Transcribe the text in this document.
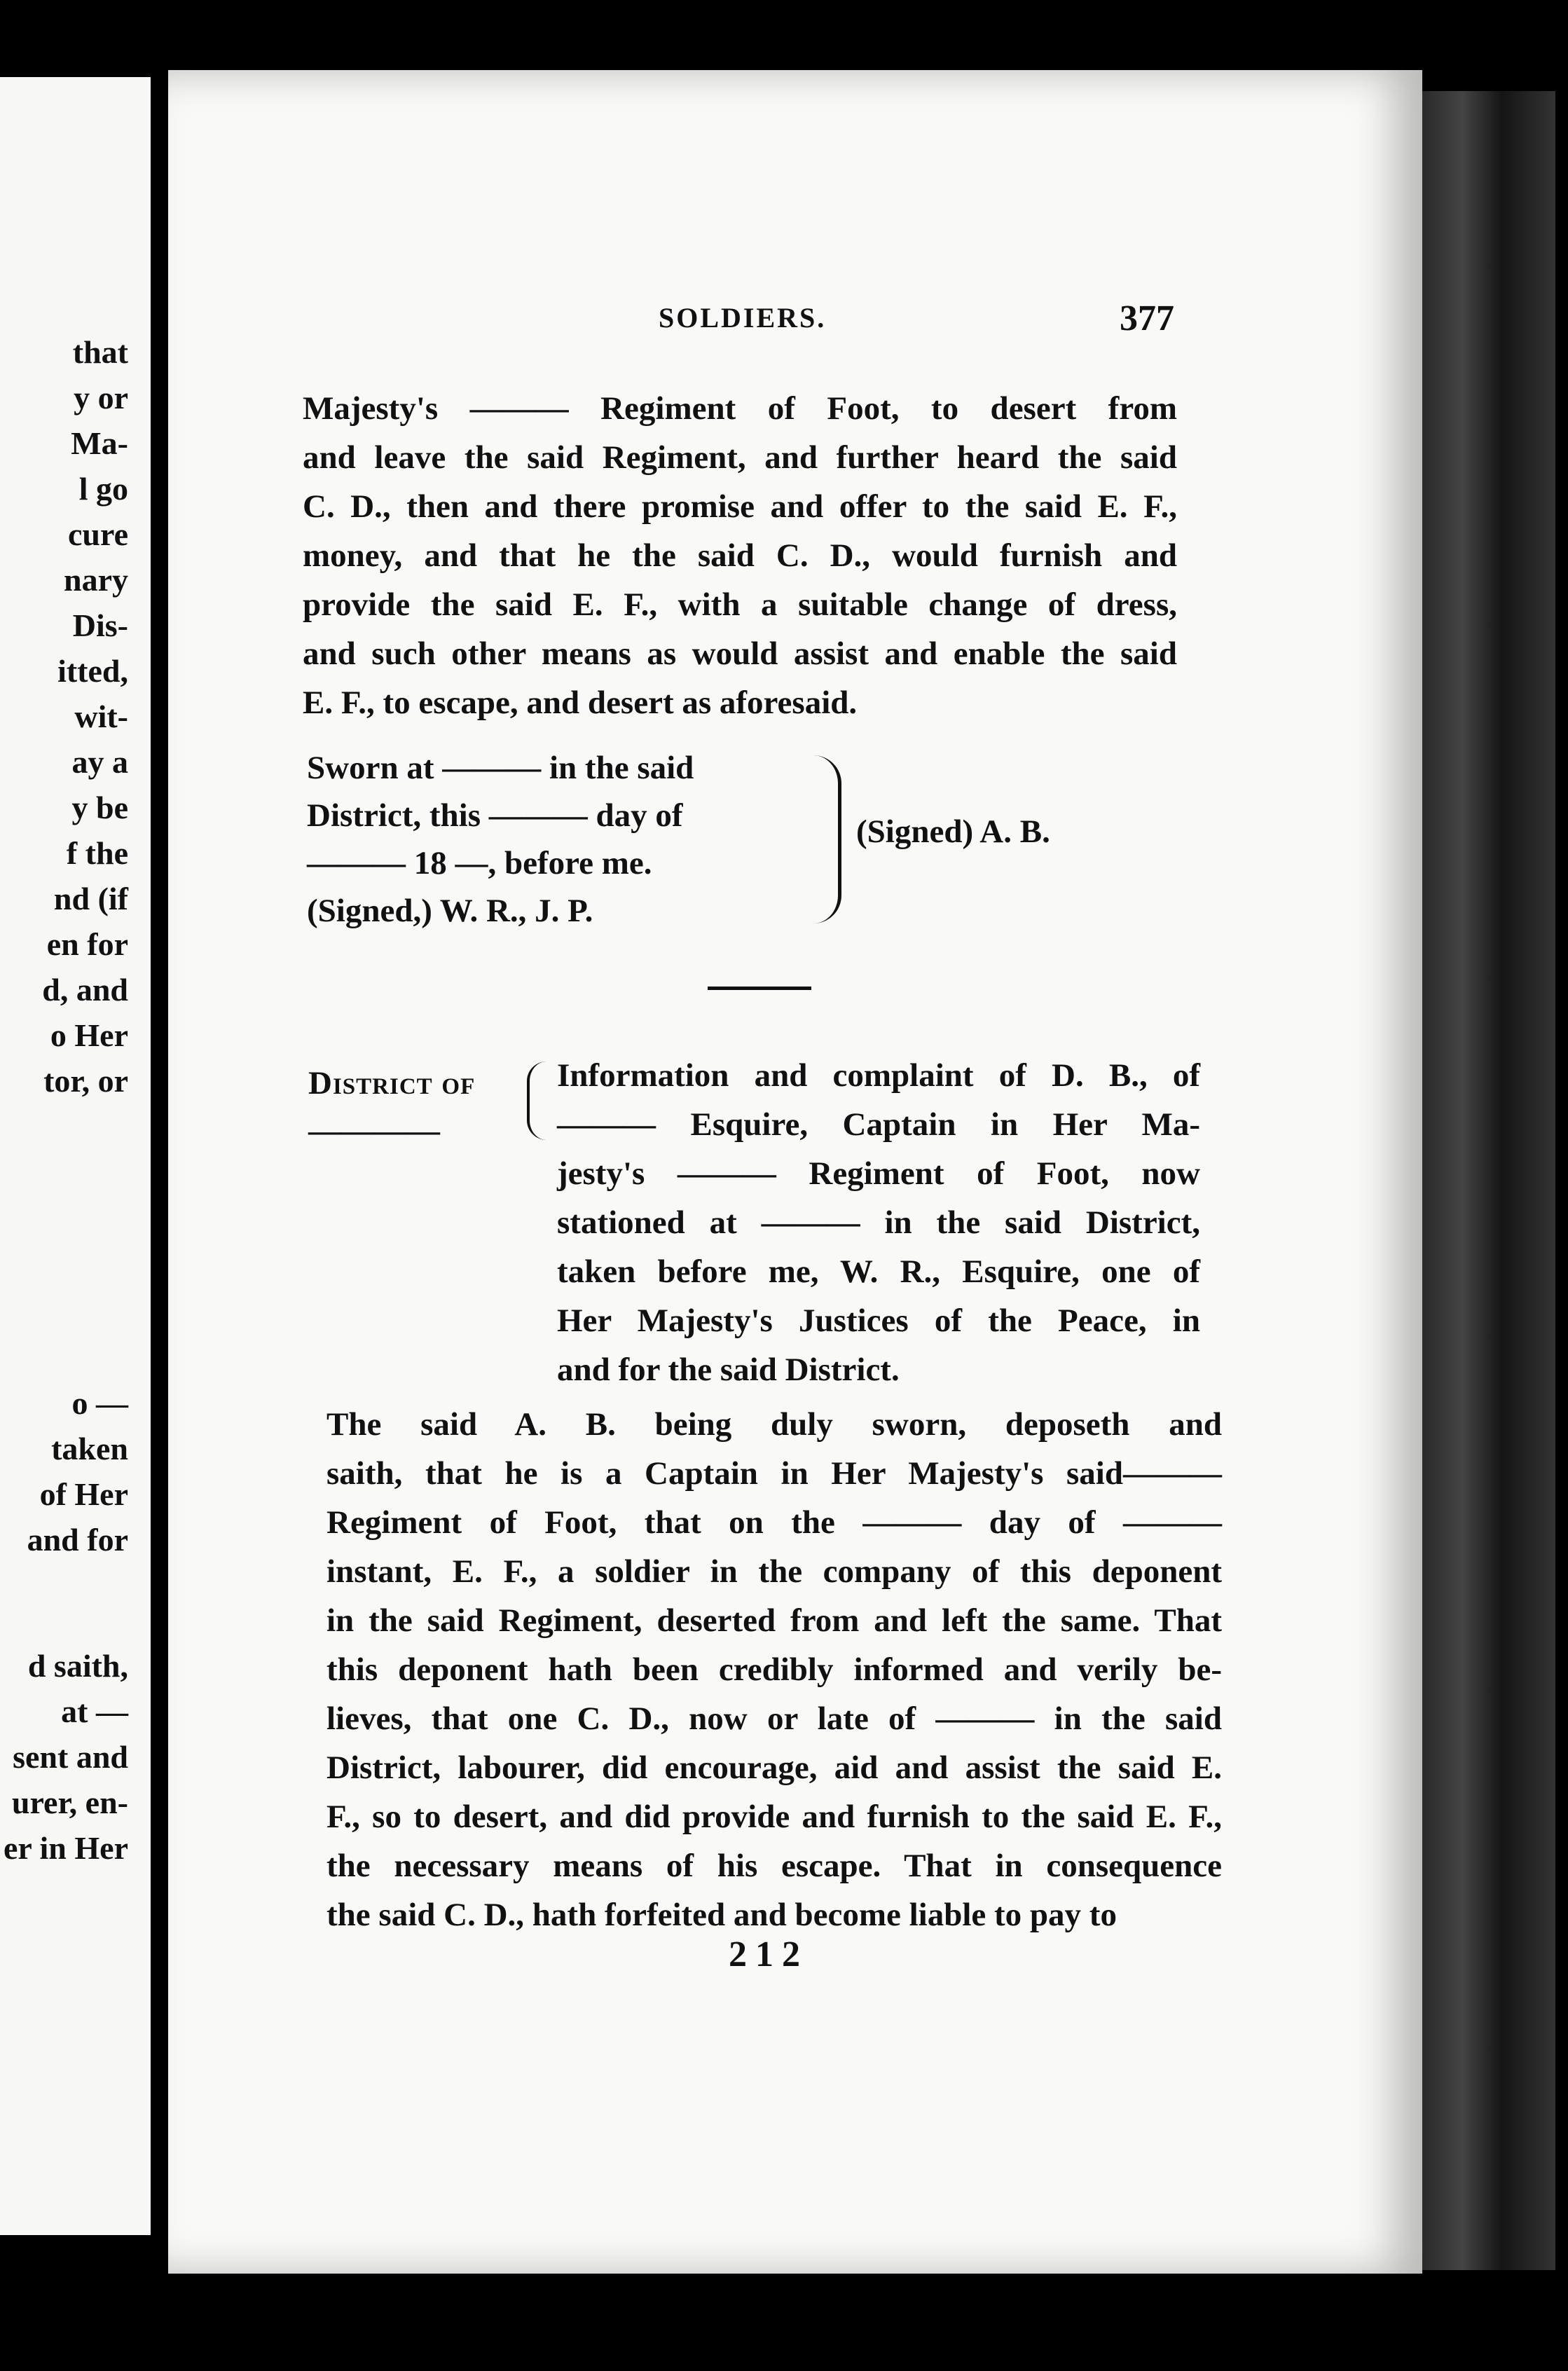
that
y or
Ma-
l go
cure
nary
Dis-
itted,
wit-
ay a
y be
f the
nd (if
en for
d, and
o Her
tor, or
o —
taken
of Her
and for
d saith,
at —
sent and
urer, en-
er in Her
SOLDIERS.	377
Majesty's ——— Regiment of Foot, to desert from
and leave the said Regiment, and further heard the said
C. D., then and there promise and offer to the said E. F.,
money, and that he the said C. D., would furnish and
provide the said E. F., with a suitable change of dress,
and such other means as would assist and enable the said
E. F., to escape, and desert as aforesaid.
Sworn at ——— in the said
District, this ——— day of
——— 18 —, before me.
(Signed,) W. R., J. P.
(Signed) A. B.
District of
————
Information and complaint of D. B., of
——— Esquire, Captain in Her Ma-
jesty's ——— Regiment of Foot, now
stationed at ——— in the said District,
taken before me, W. R., Esquire, one of
Her Majesty's Justices of the Peace, in
and for the said District.
The said A. B. being duly sworn, deposeth and
saith, that he is a Captain in Her Majesty's said———
Regiment of Foot, that on the ——— day of ———
instant, E. F., a soldier in the company of this deponent
in the said Regiment, deserted from and left the same. That
this deponent hath been credibly informed and verily be-
lieves, that one C. D., now or late of ——— in the said
District, labourer, did encourage, aid and assist the said E.
F., so to desert, and did provide and furnish to the said E. F.,
the necessary means of his escape. That in consequence
the said C. D., hath forfeited and become liable to pay to
212
